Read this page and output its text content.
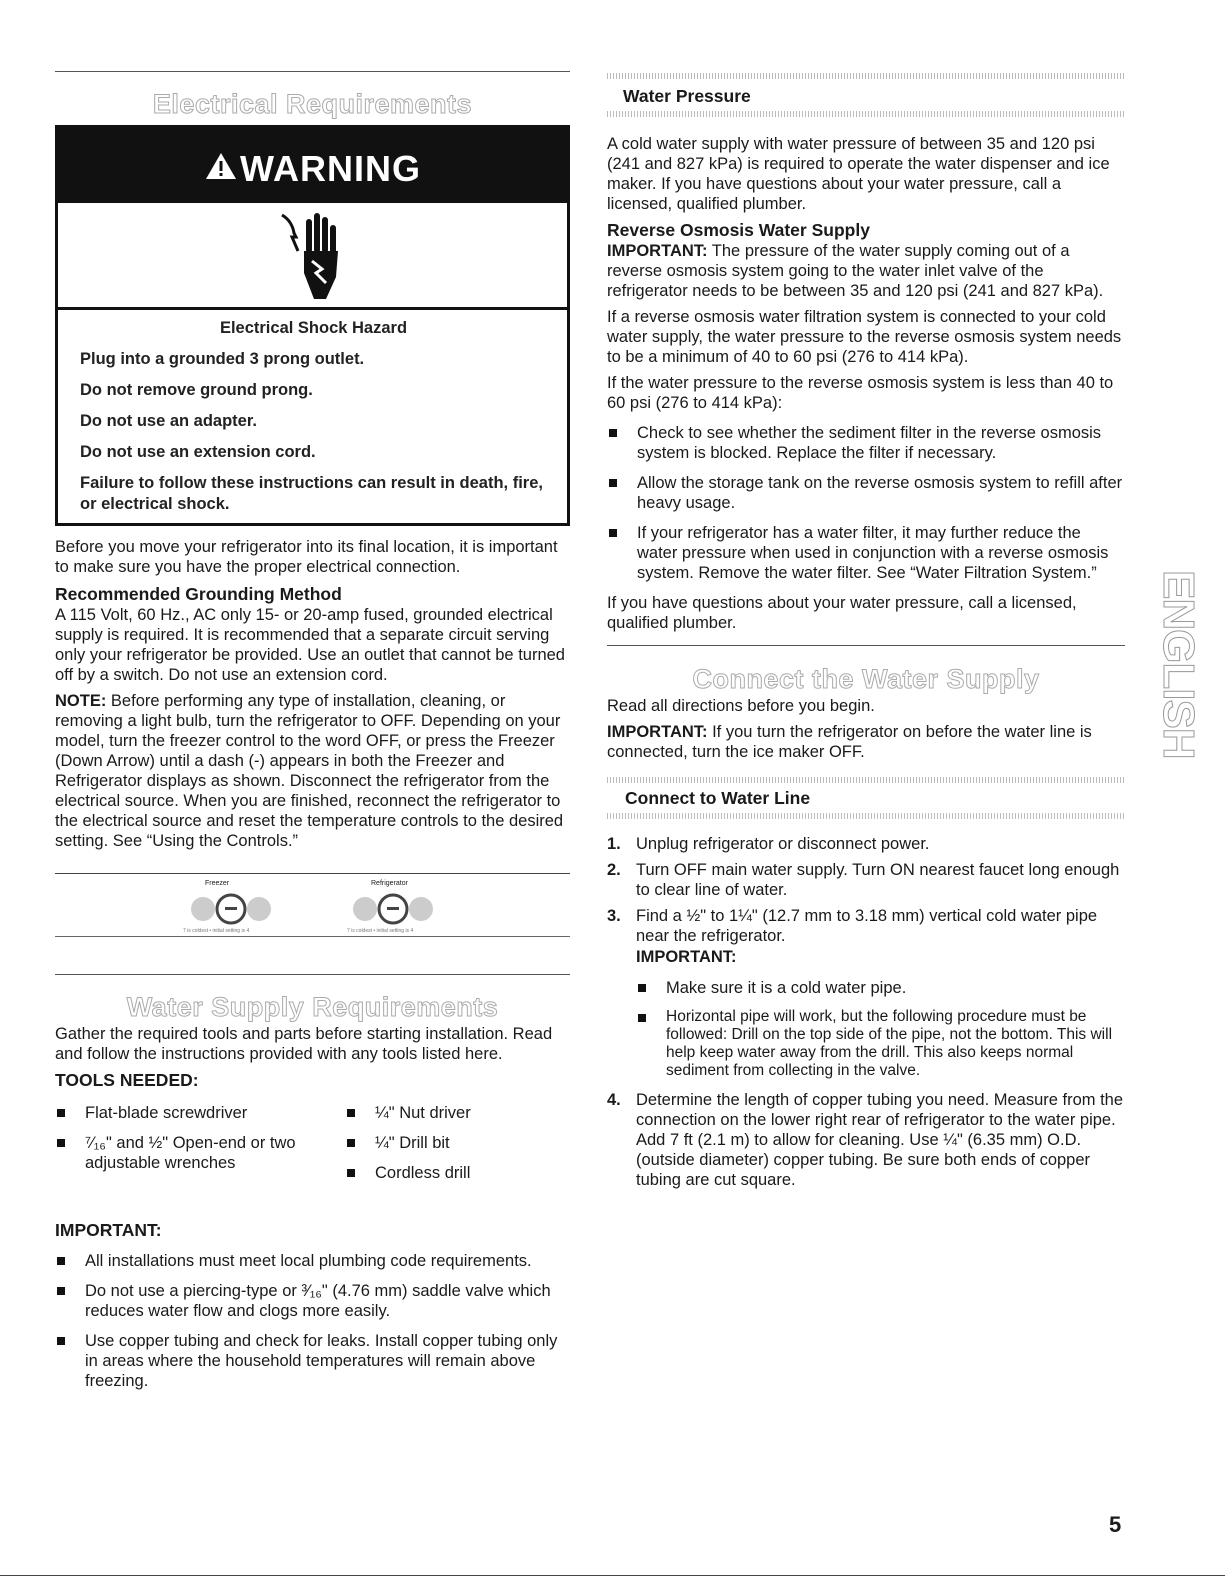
Electrical Requirements
WARNING
Electrical Shock Hazard
Plug into a grounded 3 prong outlet.
Do not remove ground prong.
Do not use an adapter.
Do not use an extension cord.
Failure to follow these instructions can result in death, fire, or electrical shock.

Before you move your refrigerator into its final location, it is important to make sure you have the proper electrical connection.

Recommended Grounding Method

A 115 Volt, 60 Hz., AC only 15- or 20-amp fused, grounded electrical supply is required. It is recommended that a separate circuit serving only your refrigerator be provided. Use an outlet that cannot be turned off by a switch. Do not use an extension cord.

NOTE: Before performing any type of installation, cleaning, or removing a light bulb, turn the refrigerator to OFF. Depending on your model, turn the freezer control to the word OFF, or press the Freezer (Down Arrow) until a dash (-) appears in both the Freezer and Refrigerator displays as shown. Disconnect the refrigerator from the electrical source. When you are finished, reconnect the refrigerator to the electrical source and reset the temperature controls to the desired setting. See “Using the Controls.”

Freezer	Refrigerator
7 is coldest • initial setting is 4	7 is coldest • initial setting is 4
Water Supply Requirements

Gather the required tools and parts before starting installation. Read and follow the instructions provided with any tools listed here.

TOOLS NEEDED:
Flat-blade screwdriver
⁷⁄₁₆" and ½" Open-end or two adjustable wrenches
¼" Nut driver
¼" Drill bit
Cordless drill
IMPORTANT:
All installations must meet local plumbing code requirements.
Do not use a piercing-type or ³⁄₁₆" (4.76 mm) saddle valve which reduces water flow and clogs more easily.
Use copper tubing and check for leaks. Install copper tubing only in areas where the household temperatures will remain above freezing.
Water Pressure

A cold water supply with water pressure of between 35 and 120 psi (241 and 827 kPa) is required to operate the water dispenser and ice maker. If you have questions about your water pressure, call a licensed, qualified plumber.

Reverse Osmosis Water Supply

IMPORTANT: The pressure of the water supply coming out of a reverse osmosis system going to the water inlet valve of the refrigerator needs to be between 35 and 120 psi (241 and 827 kPa).

If a reverse osmosis water filtration system is connected to your cold water supply, the water pressure to the reverse osmosis system needs to be a minimum of 40 to 60 psi (276 to 414 kPa).

If the water pressure to the reverse osmosis system is less than 40 to 60 psi (276 to 414 kPa):

Check to see whether the sediment filter in the reverse osmosis system is blocked. Replace the filter if necessary.
Allow the storage tank on the reverse osmosis system to refill after heavy usage.
If your refrigerator has a water filter, it may further reduce the water pressure when used in conjunction with a reverse osmosis system. Remove the water filter. See “Water Filtration System.”

If you have questions about your water pressure, call a licensed, qualified plumber.

Connect the Water Supply

Read all directions before you begin.

IMPORTANT: If you turn the refrigerator on before the water line is connected, turn the ice maker OFF.

Connect to Water Line
1. Unplug refrigerator or disconnect power.
2. Turn OFF main water supply. Turn ON nearest faucet long enough to clear line of water.
3. Find a ½" to 1¼" (12.7 mm to 3.18 mm) vertical cold water pipe near the refrigerator.
IMPORTANT:
Make sure it is a cold water pipe.
Horizontal pipe will work, but the following procedure must be followed: Drill on the top side of the pipe, not the bottom. This will help keep water away from the drill. This also keeps normal sediment from collecting in the valve.
4. Determine the length of copper tubing you need. Measure from the connection on the lower right rear of refrigerator to the water pipe. Add 7 ft (2.1 m) to allow for cleaning. Use ¼" (6.35 mm) O.D. (outside diameter) copper tubing. Be sure both ends of copper tubing are cut square.
ENGLISH
5
